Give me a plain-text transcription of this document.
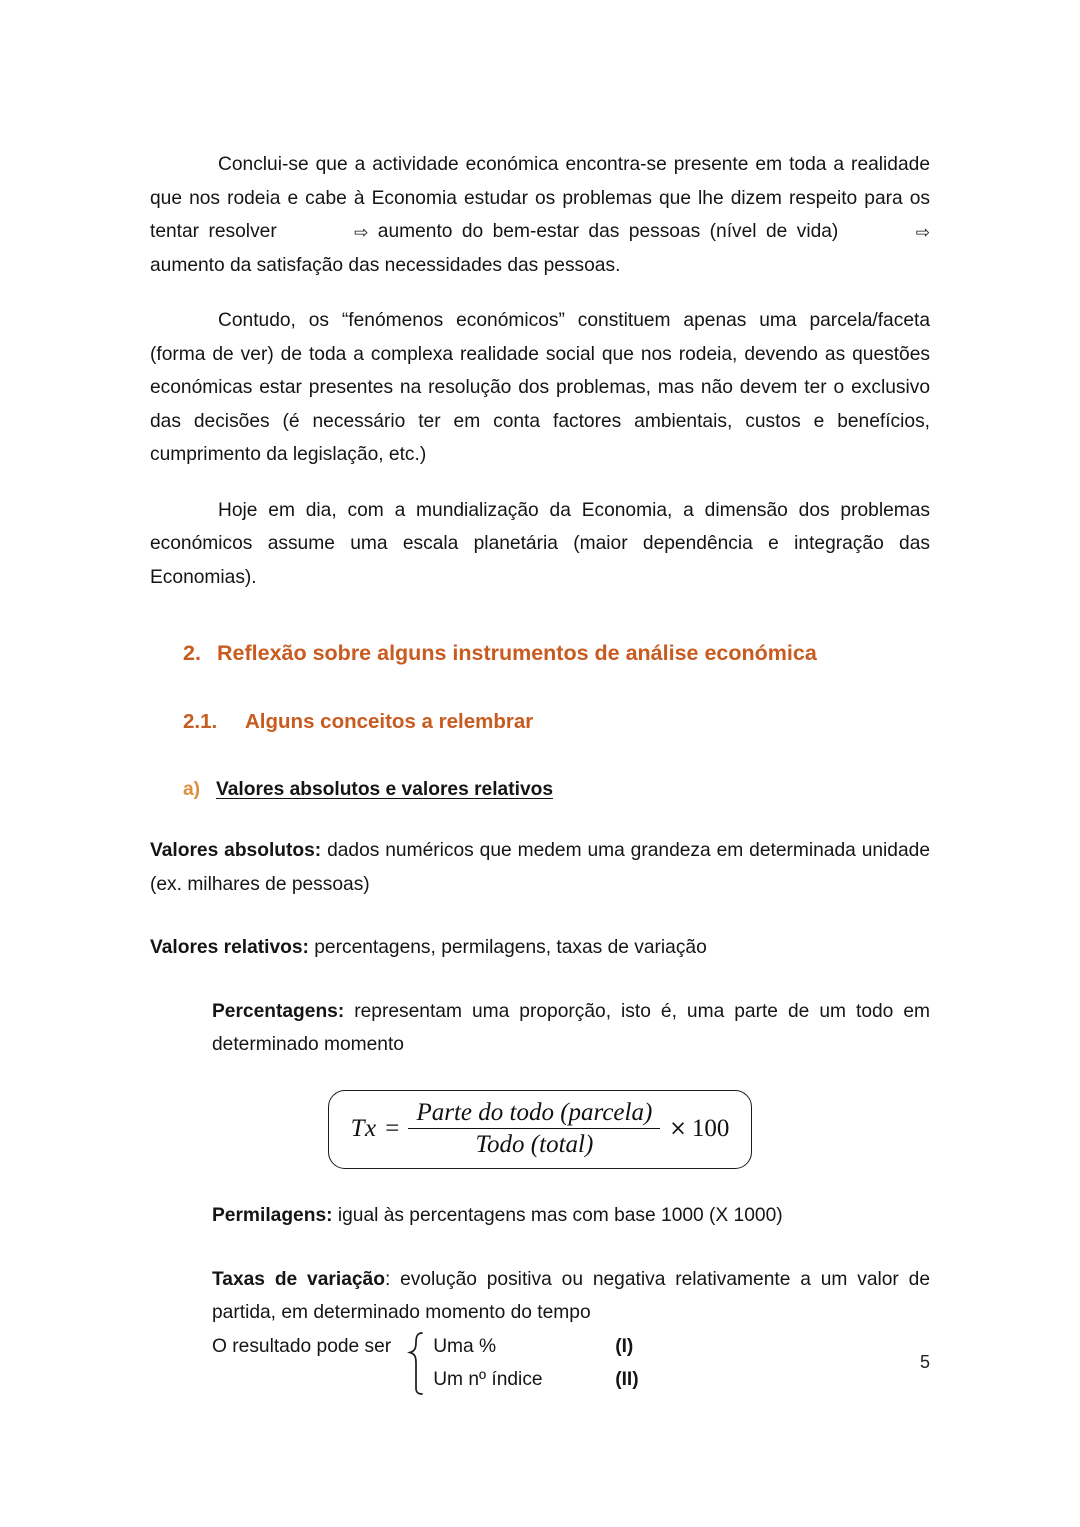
Conclui-se que a actividade económica encontra-se presente em toda a realidade que nos rodeia e cabe à Economia estudar os problemas que lhe dizem respeito para os tentar resolver	⇨ aumento do bem-estar das pessoas (nível de vida)	⇨ aumento da satisfação das necessidades das pessoas.

Contudo, os “fenómenos económicos” constituem apenas uma parcela/faceta (forma de ver) de toda a complexa realidade social que nos rodeia, devendo as questões económicas estar presentes na resolução dos problemas, mas não devem ter o exclusivo das decisões (é necessário ter em conta factores ambientais, custos e benefícios, cumprimento da legislação, etc.)

Hoje em dia, com a mundialização da Economia, a dimensão dos problemas económicos assume uma escala planetária (maior dependência e integração das Economias).

2. Reflexão sobre alguns instrumentos de análise económica
2.1.	Alguns conceitos a relembrar
a) Valores absolutos e valores relativos

Valores absolutos: dados numéricos que medem uma grandeza em determinada unidade (ex. milhares de pessoas)

Valores relativos: percentagens, permilagens, taxas de variação

Percentagens: representam uma proporção, isto é, uma parte de um todo em determinado momento

$Tx = \frac{\text{Parte do todo (parcela)}}{\text{Todo (total)}} \times 100$

Permilagens: igual às percentagens mas com base 1000 (X 1000)

Taxas de variação: evolução positiva ou negativa relativamente a um valor de partida, em determinado momento do tempo

O resultado pode ser	Uma %	(I)
Um nº índice	(II)
5
